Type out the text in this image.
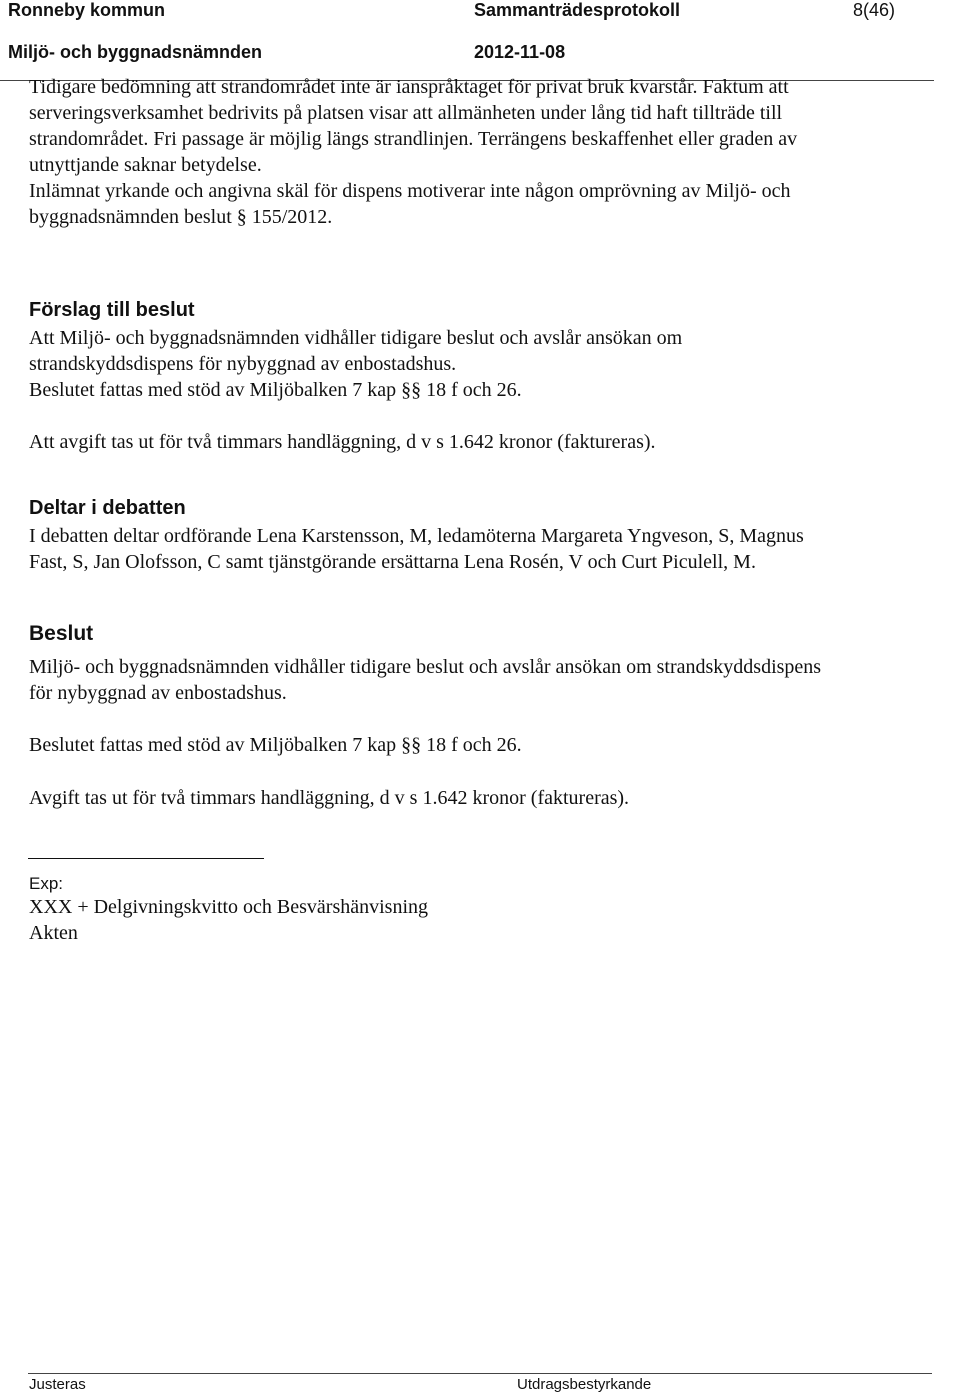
Ronneby kommun	Sammanträdesprotokoll	8(46)
Miljö- och byggnadsnämnden	2012-11-08
Tidigare bedömning att strandområdet inte är ianspråktaget för privat bruk kvarstår. Faktum att
serveringsverksamhet bedrivits på platsen visar att allmänheten under lång tid haft tillträde till
strandområdet. Fri passage är möjlig längs strandlinjen. Terrängens beskaffenhet eller graden av
utnyttjande saknar betydelse.
Inlämnat yrkande och angivna skäl för dispens motiverar inte någon omprövning av Miljö- och
byggnadsnämnden beslut § 155/2012.
Förslag till beslut
Att Miljö- och byggnadsnämnden vidhåller tidigare beslut och avslår ansökan om
strandskyddsdispens för nybyggnad av enbostadshus.
Beslutet fattas med stöd av Miljöbalken 7 kap §§ 18 f och 26.
Att avgift tas ut för två timmars handläggning, d v s 1.642 kronor (faktureras).
Deltar i debatten
I debatten deltar ordförande Lena Karstensson, M, ledamöterna Margareta Yngveson, S, Magnus
Fast, S, Jan Olofsson, C samt tjänstgörande ersättarna Lena Rosén, V och Curt Piculell, M.
Beslut
Miljö- och byggnadsnämnden vidhåller tidigare beslut och avslår ansökan om strandskyddsdispens
för nybyggnad av enbostadshus.
Beslutet fattas med stöd av Miljöbalken 7 kap §§ 18 f och 26.
Avgift tas ut för två timmars handläggning, d v s 1.642 kronor (faktureras).
Exp:
XXX + Delgivningskvitto och Besvärshänvisning
Akten
Justeras	Utdragsbestyrkande
